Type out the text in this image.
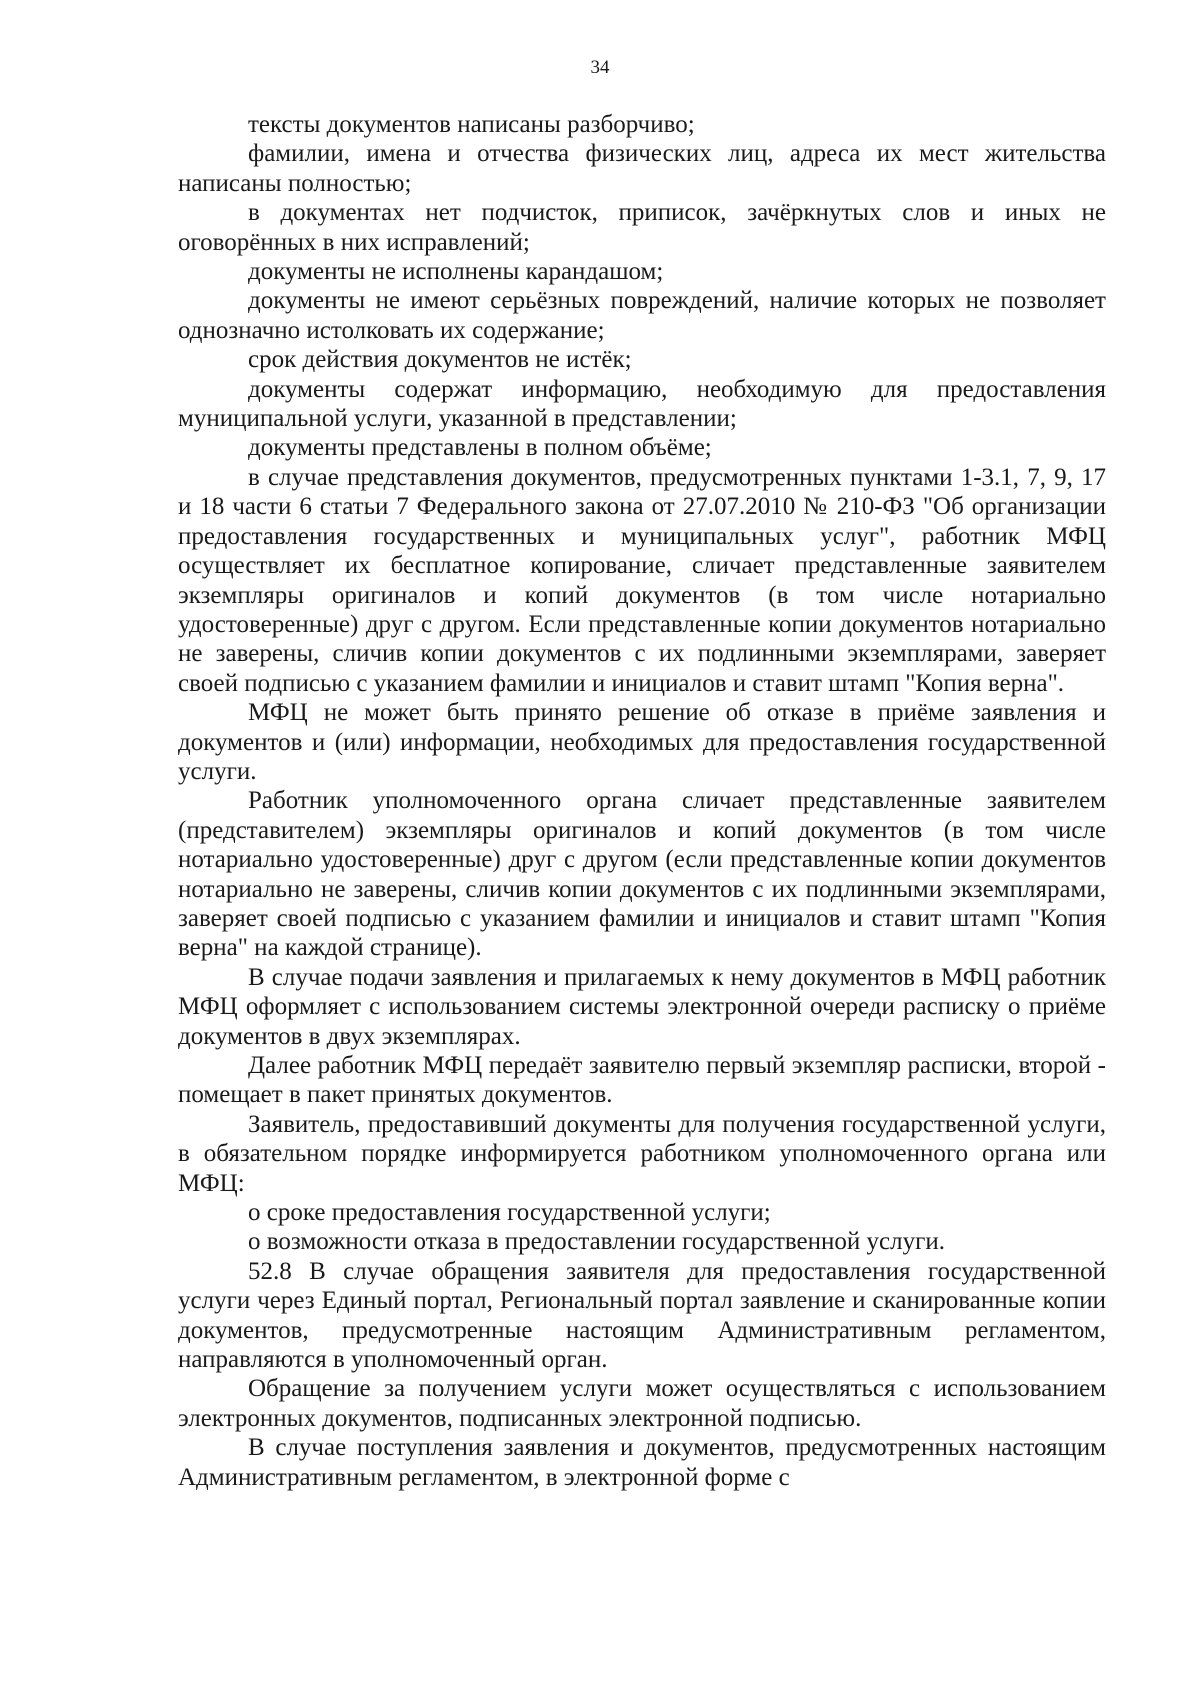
34

тексты документов написаны разборчиво;

фамилии, имена и отчества физических лиц, адреса их мест жительства написаны полностью;

в документах нет подчисток, приписок, зачёркнутых слов и иных не оговорённых в них исправлений;

документы не исполнены карандашом;

документы не имеют серьёзных повреждений, наличие которых не позволяет однозначно истолковать их содержание;

срок действия документов не истёк;

документы содержат информацию, необходимую для предоставления муниципальной услуги, указанной в представлении;

документы представлены в полном объёме;

в случае представления документов, предусмотренных пунктами 1-3.1, 7, 9, 17 и 18 части 6 статьи 7 Федерального закона от 27.07.2010 № 210-ФЗ "Об организации предоставления государственных и муниципальных услуг", работник МФЦ осуществляет их бесплатное копирование, сличает представленные заявителем экземпляры оригиналов и копий документов (в том числе нотариально удостоверенные) друг с другом. Если представленные копии документов нотариально не заверены, сличив копии документов с их подлинными экземплярами, заверяет своей подписью с указанием фамилии и инициалов и ставит штамп "Копия верна".

МФЦ не может быть принято решение об отказе в приёме заявления и документов и (или) информации, необходимых для предоставления государственной услуги.

Работник уполномоченного органа сличает представленные заявителем (представителем) экземпляры оригиналов и копий документов (в том числе нотариально удостоверенные) друг с другом (если представленные копии документов нотариально не заверены, сличив копии документов с их подлинными экземплярами, заверяет своей подписью с указанием фамилии и инициалов и ставит штамп "Копия верна" на каждой странице).

В случае подачи заявления и прилагаемых к нему документов в МФЦ работник МФЦ оформляет с использованием системы электронной очереди расписку о приёме документов в двух экземплярах.

Далее работник МФЦ передаёт заявителю первый экземпляр расписки, второй - помещает в пакет принятых документов.

Заявитель, предоставивший документы для получения государственной услуги, в обязательном порядке информируется работником уполномоченного органа или МФЦ:

о сроке предоставления государственной услуги;

о возможности отказа в предоставлении государственной услуги.

52.8 В случае обращения заявителя для предоставления государственной услуги через Единый портал, Региональный портал заявление и сканированные копии документов, предусмотренные настоящим Административным регламентом, направляются в уполномоченный орган.

Обращение за получением услуги может осуществляться с использованием электронных документов, подписанных электронной подписью.

В случае поступления заявления и документов, предусмотренных настоящим Административным регламентом, в электронной форме с
